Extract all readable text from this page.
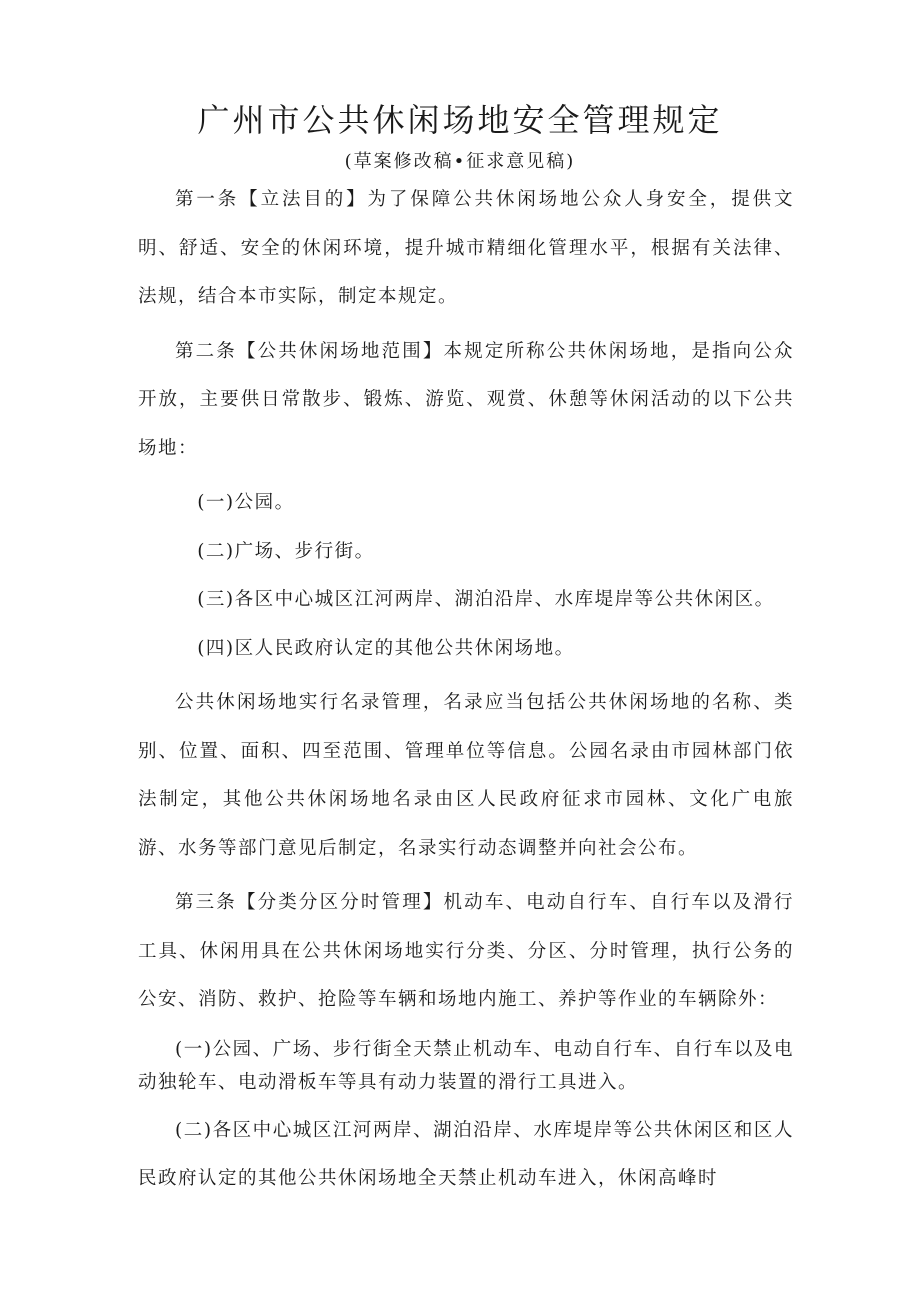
广州市公共休闲场地安全管理规定
(草案修改稿•征求意见稿)

第一条【立法目的】为了保障公共休闲场地公众人身安全，提供文明、舒适、安全的休闲环境，提升城市精细化管理水平，根据有关法律、法规，结合本市实际，制定本规定。

第二条【公共休闲场地范围】本规定所称公共休闲场地，是指向公众开放，主要供日常散步、锻炼、游览、观赏、休憩等休闲活动的以下公共场地：

(一)公园。

(二)广场、步行街。

(三)各区中心城区江河两岸、湖泊沿岸、水库堤岸等公共休闲区。

(四)区人民政府认定的其他公共休闲场地。

公共休闲场地实行名录管理，名录应当包括公共休闲场地的名称、类别、位置、面积、四至范围、管理单位等信息。公园名录由市园林部门依法制定，其他公共休闲场地名录由区人民政府征求市园林、文化广电旅游、水务等部门意见后制定，名录实行动态调整并向社会公布。

第三条【分类分区分时管理】机动车、电动自行车、自行车以及滑行工具、休闲用具在公共休闲场地实行分类、分区、分时管理，执行公务的公安、消防、救护、抢险等车辆和场地内施工、养护等作业的车辆除外：

(一)公园、广场、步行街全天禁止机动车、电动自行车、自行车以及电动独轮车、电动滑板车等具有动力装置的滑行工具进入。

(二)各区中心城区江河两岸、湖泊沿岸、水库堤岸等公共休闲区和区人民政府认定的其他公共休闲场地全天禁止机动车进入，休闲高峰时
